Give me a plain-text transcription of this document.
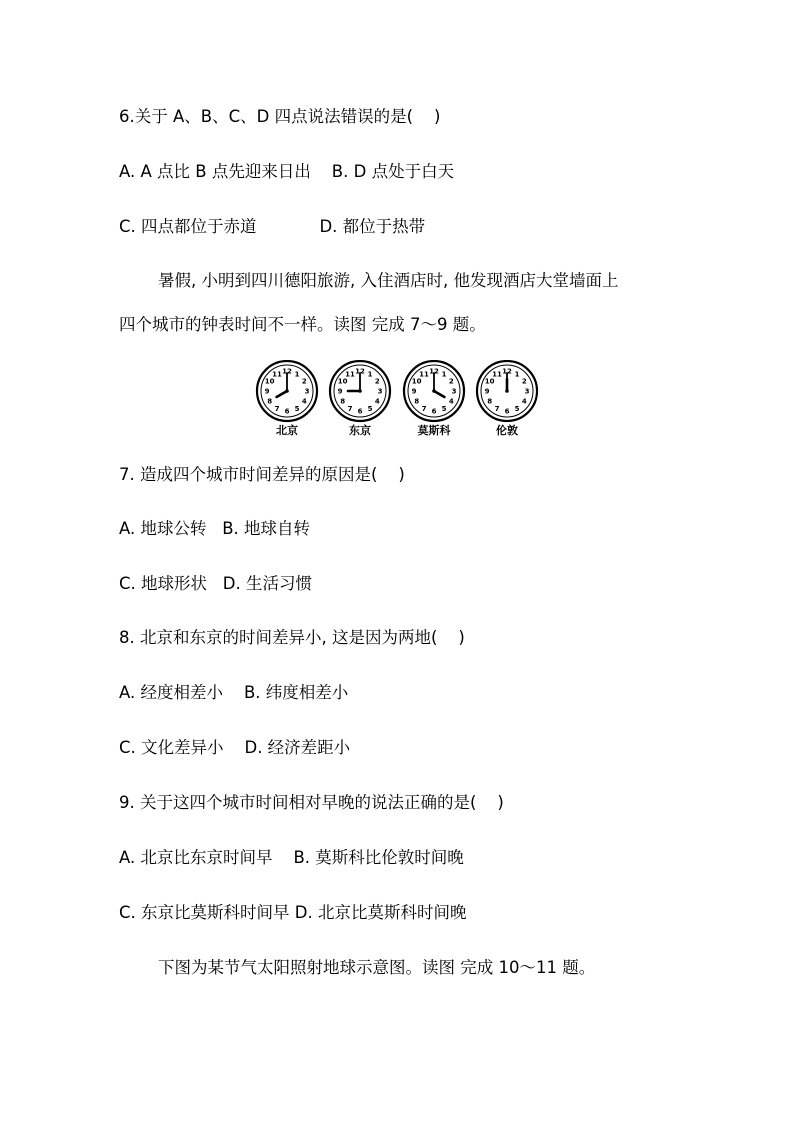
6.关于 A、B、C、D 四点说法错误的是(    )

A. A 点比 B 点先迎来日出    B. D 点处于白天

C. 四点都位于赤道            D. 都位于热带

暑假, 小明到四川德阳旅游, 入住酒店时, 他发现酒店大堂墙面上

四个城市的钟表时间不一样。读图 完成 7～9 题。

12 1
2
3
4
5
6
7
8
9
10
11
北京
12 1
2
3
4
5
6
7
8
9
10
11
东京
12 1
2
3
4
5
6
7
8
9
10
11
莫斯科
12 1
2
3
4
5
6
7
8
9
10
11
伦敦

7. 造成四个城市时间差异的原因是(    )

A. 地球公转   B. 地球自转

C. 地球形状   D. 生活习惯

8. 北京和东京的时间差异小, 这是因为两地(    )

A. 经度相差小    B. 纬度相差小

C. 文化差异小    D. 经济差距小

9. 关于这四个城市时间相对早晚的说法正确的是(    )

A. 北京比东京时间早    B. 莫斯科比伦敦时间晚

C. 东京比莫斯科时间早 D. 北京比莫斯科时间晚

下图为某节气太阳照射地球示意图。读图 完成 10～11 题。
